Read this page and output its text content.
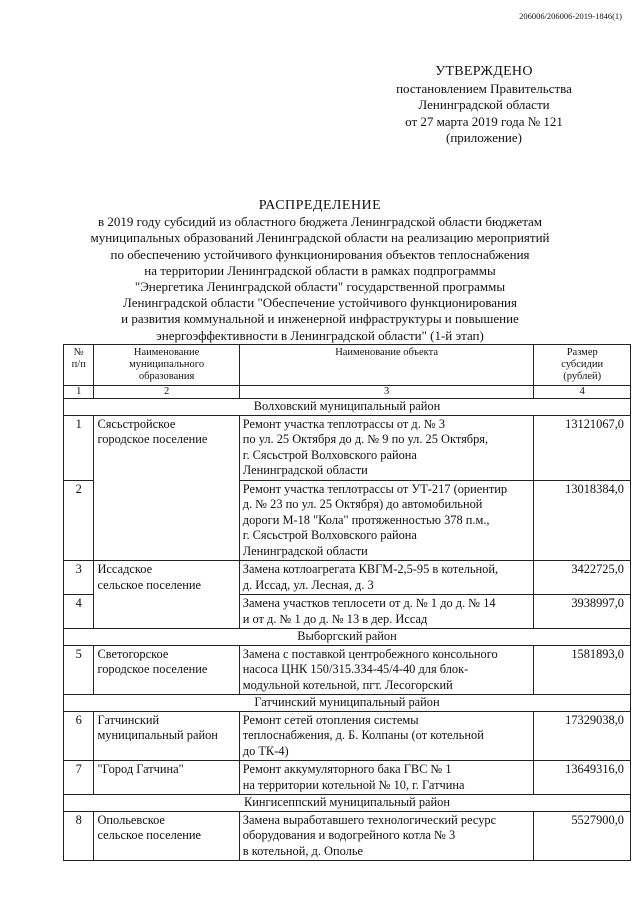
206006/206006-2019-1846(1)
УТВЕРЖДЕНО
постановлением Правительства
Ленинградской области
от 27 марта 2019 года № 121
(приложение)
РАСПРЕДЕЛЕНИЕ
в 2019 году субсидий из областного бюджета Ленинградской области бюджетам
муниципальных образований Ленинградской области на реализацию мероприятий
по обеспечению устойчивого функционирования объектов теплоснабжения
на территории Ленинградской области в рамках подпрограммы
"Энергетика Ленинградской области" государственной программы
Ленинградской области "Обеспечение устойчивого функционирования
и развития коммунальной и инженерной инфраструктуры и повышение
энергоэффективности в Ленинградской области" (1-й этап)
№
п/п	Наименование
муниципального
образования	Наименование объекта	Размер
субсидии
(рублей)
1	2	3	4
Волховский муниципальный район			
1	Сясьстройское
городское поселение	Ремонт участка теплотрассы от д. № 3
по ул. 25 Октября до д. № 9 по ул. 25 Октября,
г. Сясьстрой Волховского района
Ленинградской области	13121067,0
2		Ремонт участка теплотрассы от УТ-217 (ориентир
д. № 23 по ул. 25 Октября) до автомобильной
дороги М-18 "Кола" протяженностью 378 п.м.,
г. Сясьстрой Волховского района
Ленинградской области	13018384,0
3	Иссадское
сельское поселение	Замена котлоагрегата КВГМ-2,5-95 в котельной,
д. Иссад, ул. Лесная, д. 3	3422725,0
4		Замена участков теплосети от д. № 1 до д. № 14
и от д. № 1 до д. № 13 в дер. Иссад	3938997,0
Выборгский район			
5	Светогорское
городское поселение	Замена с поставкой центробежного консольного
насоса ЦНК 150/315.334-45/4-40 для блок-
модульной котельной, пгт. Лесогорский	1581893,0
Гатчинский муниципальный район			
6	Гатчинский
муниципальный район	Ремонт сетей отопления системы
теплоснабжения, д. Б. Колпаны (от котельной
до ТК-4)	17329038,0
7	"Город Гатчина"	Ремонт аккумуляторного бака ГВС № 1
на территории котельной № 10, г. Гатчина	13649316,0
Кингисеппский муниципальный район			
8	Опольевское
сельское поселение	Замена выработавшего технологический ресурс
оборудования и водогрейного котла № 3
в котельной, д. Ополье	5527900,0
